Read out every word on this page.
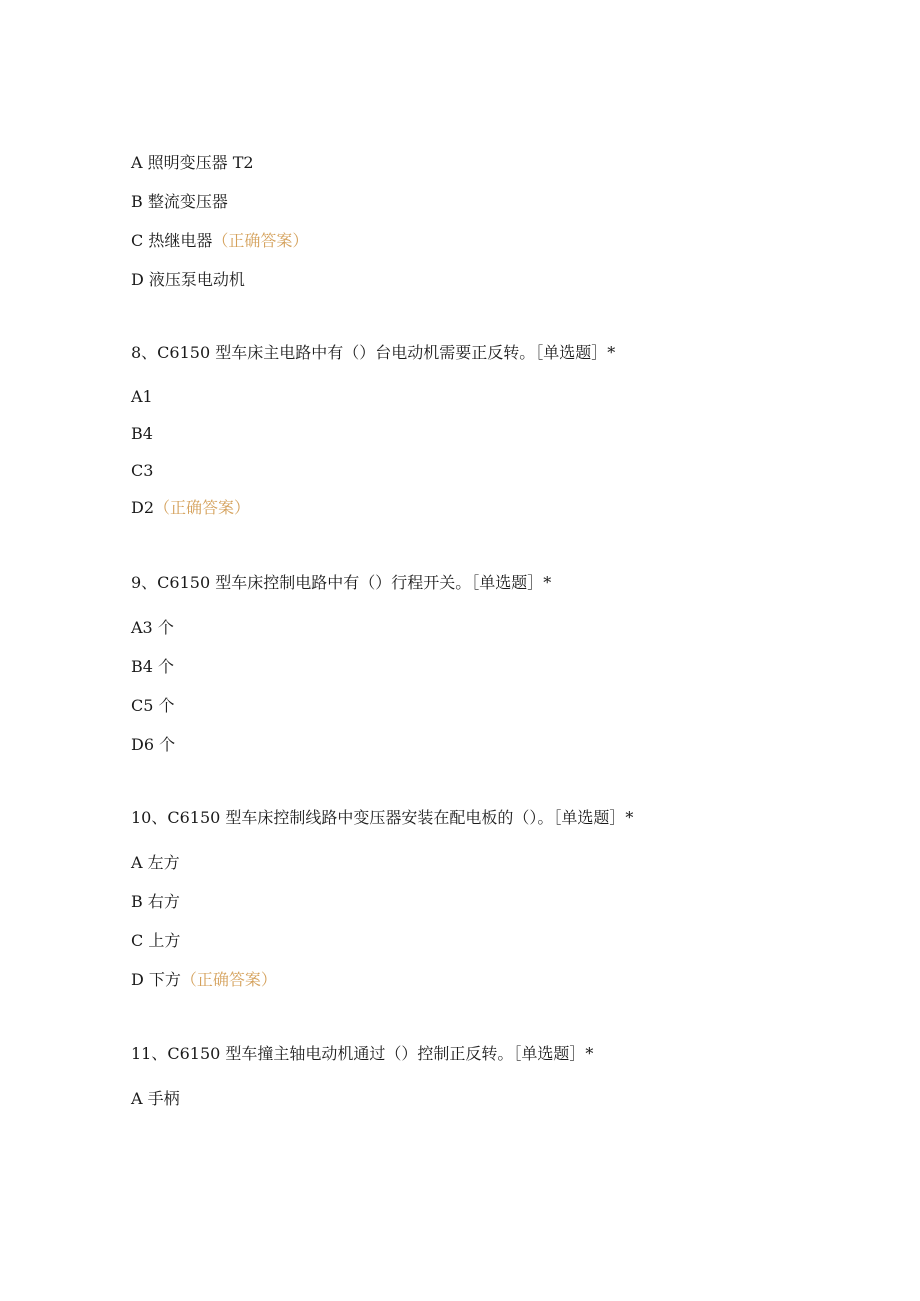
A 照明变压器 T2
B 整流变压器
C 热继电器（正确答案）
D 液压泵电动机
8、C6150 型车床主电路中有（）台电动机需要正反转。［单选题］*
A1
B4
C3
D2（正确答案）
9、C6150 型车床控制电路中有（）行程开关。［单选题］*
A3 个
B4 个
C5 个
D6 个
10、C6150 型车床控制线路中变压器安装在配电板的（）。［单选题］*
A 左方
B 右方
C 上方
D 下方（正确答案）
11、C6150 型车撞主轴电动机通过（）控制正反转。［单选题］*
A 手柄
